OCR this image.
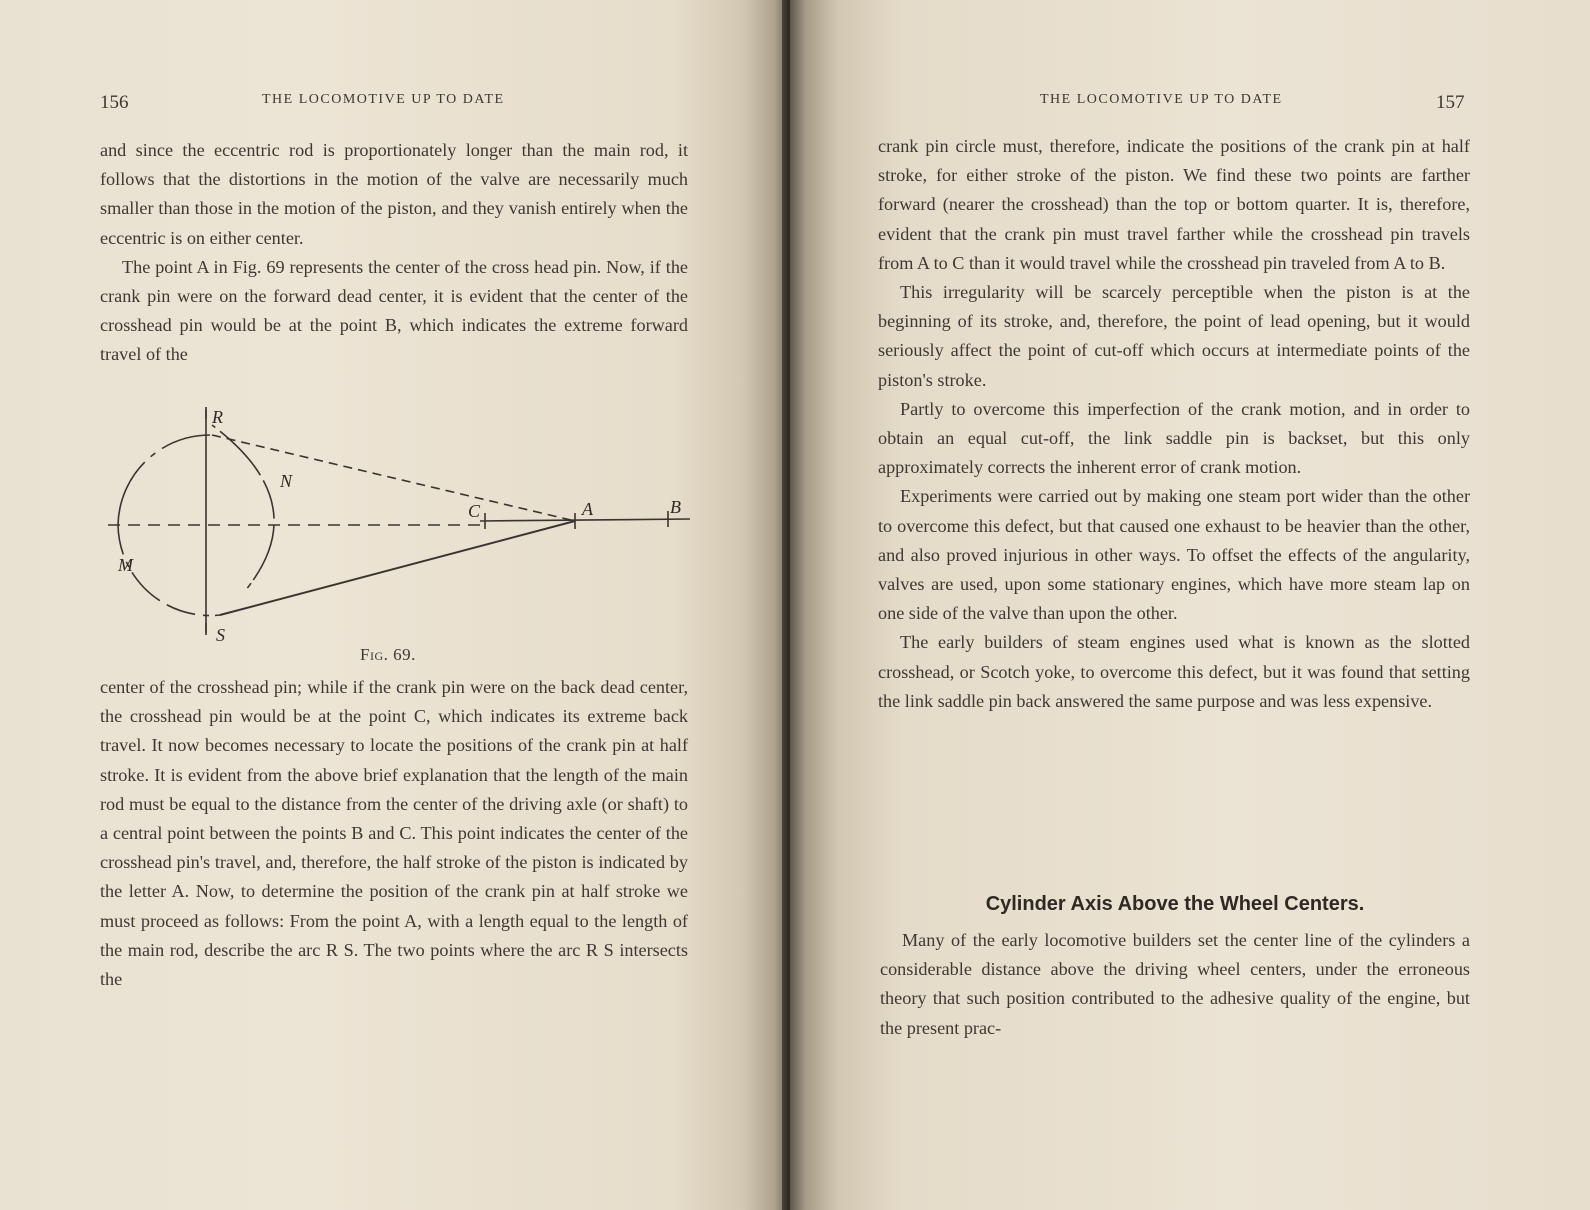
156	THE LOCOMOTIVE UP TO DATE

and since the eccentric rod is proportionately longer than the main rod, it follows that the distortions in the motion of the valve are necessarily much smaller than those in the motion of the piston, and they vanish entirely when the eccentric is on either center.

The point A in Fig. 69 represents the center of the cross head pin. Now, if the crank pin were on the forward dead center, it is evident that the center of the crosshead pin would be at the point B, which indicates the extreme forward travel of the

R
S
M
N
C	A	B
Fig. 69.

center of the crosshead pin; while if the crank pin were on the back dead center, the crosshead pin would be at the point C, which indicates its extreme back travel. It now becomes necessary to locate the positions of the crank pin at half stroke. It is evident from the above brief explanation that the length of the main rod must be equal to the distance from the center of the driving axle (or shaft) to a central point between the points B and C. This point indicates the center of the crosshead pin's travel, and, therefore, the half stroke of the piston is indicated by the letter A. Now, to determine the position of the crank pin at half stroke we must proceed as follows: From the point A, with a length equal to the length of the main rod, describe the arc R S. The two points where the arc R S intersects the

THE LOCOMOTIVE UP TO DATE	157

crank pin circle must, therefore, indicate the positions of the crank pin at half stroke, for either stroke of the piston. We find these two points are farther forward (nearer the crosshead) than the top or bottom quarter. It is, therefore, evident that the crank pin must travel farther while the crosshead pin travels from A to C than it would travel while the crosshead pin traveled from A to B.

This irregularity will be scarcely perceptible when the piston is at the beginning of its stroke, and, therefore, the point of lead opening, but it would seriously affect the point of cut-off which occurs at intermediate points of the piston's stroke.

Partly to overcome this imperfection of the crank motion, and in order to obtain an equal cut-off, the link saddle pin is backset, but this only approximately corrects the inherent error of crank motion.

Experiments were carried out by making one steam port wider than the other to overcome this defect, but that caused one exhaust to be heavier than the other, and also proved injurious in other ways. To offset the effects of the angularity, valves are used, upon some stationary engines, which have more steam lap on one side of the valve than upon the other.

The early builders of steam engines used what is known as the slotted crosshead, or Scotch yoke, to overcome this defect, but it was found that setting the link saddle pin back answered the same purpose and was less expensive.

Many of the early locomotive builders set the center line of the cylinders a considerable distance above the driving wheel centers, under the erroneous theory that such position contributed to the adhesive quality of the engine, but the present prac-

Cylinder Axis Above the Wheel Centers.
